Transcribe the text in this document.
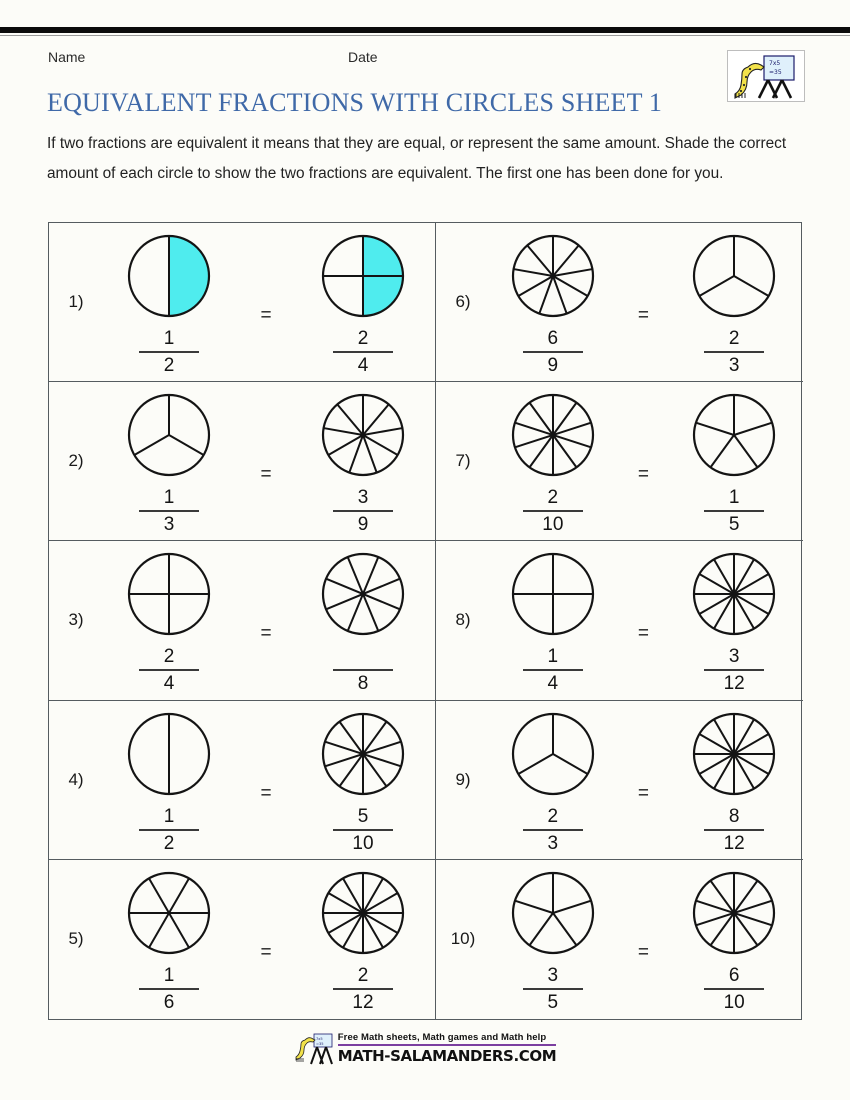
Name	Date	7x5
=35
EQUIVALENT FRACTIONS WITH CIRCLES SHEET 1
If two fractions are equivalent it means that they are equal, or represent the same amount. Shade the correct amount of each circle to show the two fractions are equivalent. The first one has been done for you.
1)
$\frac{1}{2}$
=
$\frac{2}{4}$
6)
$\frac{6}{9}$
=
$\frac{2}{3}$
2)
$\frac{1}{3}$
=
$\frac{3}{9}$
7)
$\frac{2}{10}$
=
$\frac{1}{5}$
3)
$\frac{2}{4}$
=
8
8)
$\frac{1}{4}$
=
$\frac{3}{12}$
4)
$\frac{1}{2}$
=
$\frac{5}{10}$
9)
$\frac{2}{3}$
=
$\frac{8}{12}$
5)
$\frac{1}{6}$
=
$\frac{2}{12}$
10)
$\frac{3}{5}$
=
$\frac{6}{10}$
7x5
=35
Free Math sheets, Math games and Math help
MATH-SALAMANDERS.COM
